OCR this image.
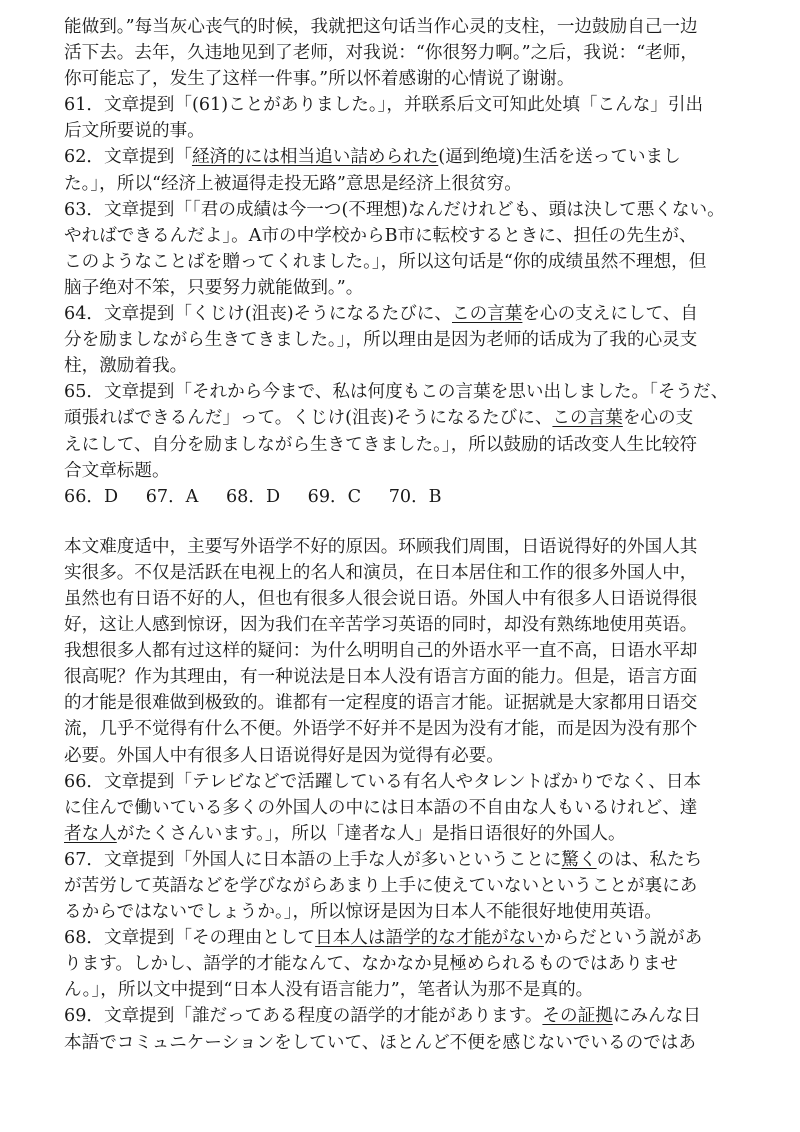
能做到。”每当灰心丧气的时候，我就把这句话当作心灵的支柱，一边鼓励自己一边
活下去。去年，久违地见到了老师，对我说：“你很努力啊。”之后，我说：“老师，
你可能忘了，发生了这样一件事。”所以怀着感谢的心情说了谢谢。
61．文章提到「(61)ことがありました。」，并联系后文可知此处填「こんな」引出
后文所要说的事。
62．文章提到「経済的には相当追い詰められた(逼到绝境)生活を送っていまし
た。」，所以“经济上被逼得走投无路”意思是经济上很贫穷。
63．文章提到「「君の成績は今一つ(不理想)なんだけれども、頭は決して悪くない。
やればできるんだよ」。A市の中学校からB市に転校するときに、担任の先生が、
このようなことばを贈ってくれました。」，所以这句话是“你的成绩虽然不理想，但
脑子绝对不笨，只要努力就能做到。”。
64．文章提到「くじけ(沮丧)そうになるたびに、この言葉を心の支えにして、自
分を励ましながら生きてきました。」，所以理由是因为老师的话成为了我的心灵支
柱，激励着我。
65．文章提到「それから今まで、私は何度もこの言葉を思い出しました。「そうだ、
頑張ればできるんだ」って。くじけ(沮丧)そうになるたびに、この言葉を心の支
えにして、自分を励ましながら生きてきました。」，所以鼓励的话改变人生比较符
合文章标题。
66．D 67．A 68．D 69．C 70．B
本文难度适中，主要写外语学不好的原因。环顾我们周围，日语说得好的外国人其
实很多。不仅是活跃在电视上的名人和演员，在日本居住和工作的很多外国人中，
虽然也有日语不好的人，但也有很多人很会说日语。外国人中有很多人日语说得很
好，这让人感到惊讶，因为我们在辛苦学习英语的同时，却没有熟练地使用英语。
我想很多人都有过这样的疑问：为什么明明自己的外语水平一直不高，日语水平却
很高呢？作为其理由，有一种说法是日本人没有语言方面的能力。但是，语言方面
的才能是很难做到极致的。谁都有一定程度的语言才能。证据就是大家都用日语交
流，几乎不觉得有什么不便。外语学不好并不是因为没有才能，而是因为没有那个
必要。外国人中有很多人日语说得好是因为觉得有必要。
66．文章提到「テレビなどで活躍している有名人やタレントばかりでなく、日本
に住んで働いている多くの外国人の中には日本語の不自由な人もいるけれど、達
者な人がたくさんいます。」，所以「達者な人」是指日语很好的外国人。
67．文章提到「外国人に日本語の上手な人が多いということに驚くのは、私たち
が苦労して英語などを学びながらあまり上手に使えていないということが裏にあ
るからではないでしょうか。」，所以惊讶是因为日本人不能很好地使用英语。
68．文章提到「その理由として日本人は語学的な才能がないからだという説があ
ります。しかし、語学的才能なんて、なかなか見極められるものではありませ
ん。」，所以文中提到“日本人没有语言能力”，笔者认为那不是真的。
69．文章提到「誰だってある程度の語学的才能があります。その証拠にみんな日
本語でコミュニケーションをしていて、ほとんど不便を感じないでいるのではあ
